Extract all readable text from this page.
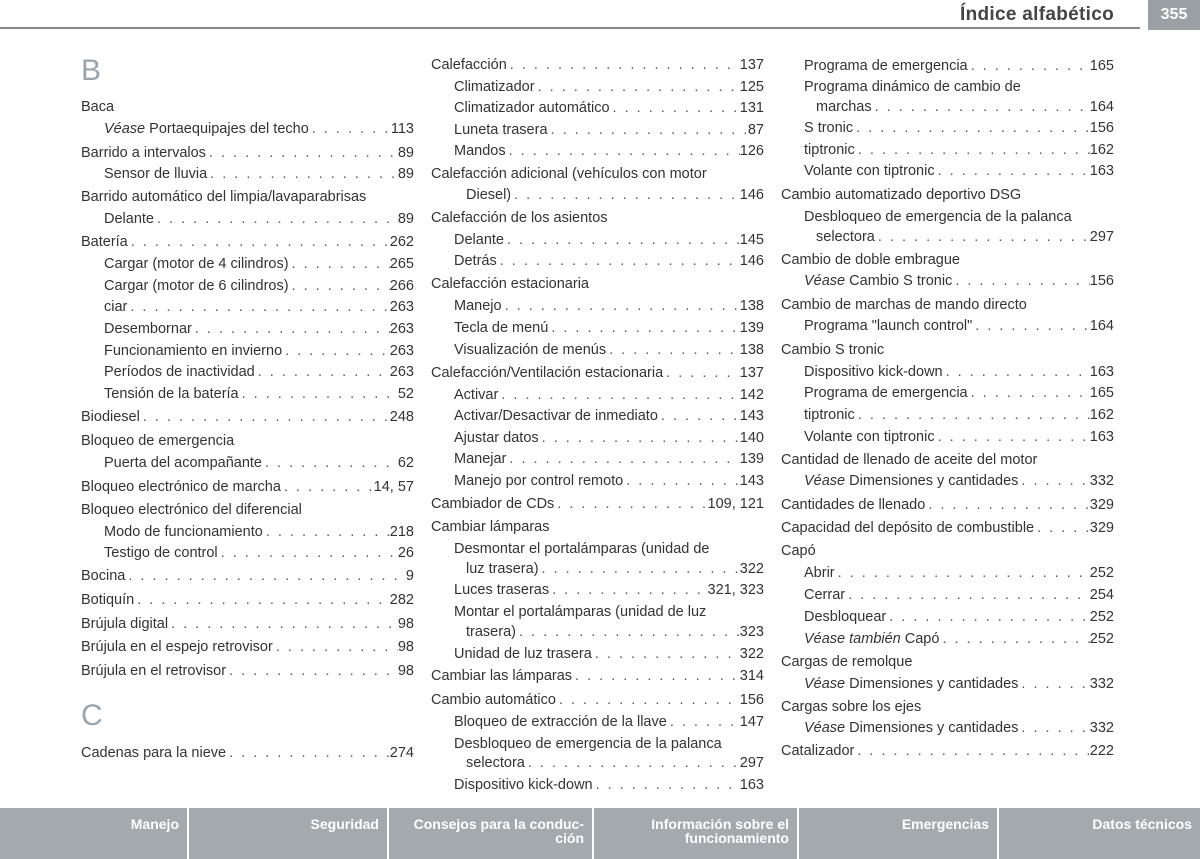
Índice alfabético	355
B
C
Baca
Véase Portaequipajes del techo . . .	113
Barrido a intervalos . . .	89
Sensor de lluvia . . .	89
Barrido automático del limpia/lavaparabrisas
Delante . . .	89
Batería . . .	262
Cargar (motor de 4 cilindros) . . .	265
Cargar (motor de 6 cilindros) . . .	266
ciar . . .	263
Desembornar . . .	263
Funcionamiento en invierno . . .	263
Períodos de inactividad . . .	263
Tensión de la batería . . .	52
Biodiesel . . .	248
Bloqueo de emergencia
Puerta del acompañante . . .	62
Bloqueo electrónico de marcha . . .	14, 57
Bloqueo electrónico del diferencial
Modo de funcionamiento . . .	218
Testigo de control . . .	26
Bocina . . .	9
Botiquín . . .	282
Brújula digital . . .	98
Brújula en el espejo retrovisor . . .	98
Brújula en el retrovisor . . .	98
Cadenas para la nieve . . .	274
Calefacción . . .	137
Climatizador . . .	125
Climatizador automático . . .	131
Luneta trasera . . .	87
Mandos . . .	126
Calefacción adicional (vehículos con motor
Diesel) . . .	146
Calefacción de los asientos
Delante . . .	145
Detrás . . .	146
Calefacción estacionaria
Manejo . . .	138
Tecla de menú . . .	139
Visualización de menús . . .	138
Calefacción/Ventilación estacionaria . . .	137
Activar . . .	142
Activar/Desactivar de inmediato . . .	143
Ajustar datos . . .	140
Manejar . . .	139
Manejo por control remoto . . .	143
Cambiador de CDs . . .	109, 121
Cambiar lámparas
Desmontar el portalámparas (unidad de
luz trasera) . . .	322
Luces traseras . . .	321, 323
Montar el portalámparas (unidad de luz
trasera) . . .	323
Unidad de luz trasera . . .	322
Cambiar las lámparas . . .	314
Cambio automático . . .	156
Bloqueo de extracción de la llave . . .	147
Desbloqueo de emergencia de la palanca
selectora . . .	297
Dispositivo kick-down . . .	163
Programa de emergencia . . .	165
Programa dinámico de cambio de
marchas . . .	164
S tronic . . .	156
tiptronic . . .	162
Volante con tiptronic . . .	163
Cambio automatizado deportivo DSG
Desbloqueo de emergencia de la palanca
selectora . . .	297
Cambio de doble embrague
Véase Cambio S tronic . . .	156
Cambio de marchas de mando directo
Programa "launch control" . . .	164
Cambio S tronic
Dispositivo kick-down . . .	163
Programa de emergencia . . .	165
tiptronic . . .	162
Volante con tiptronic . . .	163
Cantidad de llenado de aceite del motor
Véase Dimensiones y cantidades . . .	332
Cantidades de llenado . . .	329
Capacidad del depósito de combustible . . .	329
Capó
Abrir . . .	252
Cerrar . . .	254
Desbloquear . . .	252
Véase también Capó . . .	252
Cargas de remolque
Véase Dimensiones y cantidades . . .	332
Cargas sobre los ejes
Véase Dimensiones y cantidades . . .	332
Catalizador . . .	222
Manejo	Seguridad	Consejos para la conduc-
ción
Información sobre el
funcionamiento
Emergencias	Datos técnicos
